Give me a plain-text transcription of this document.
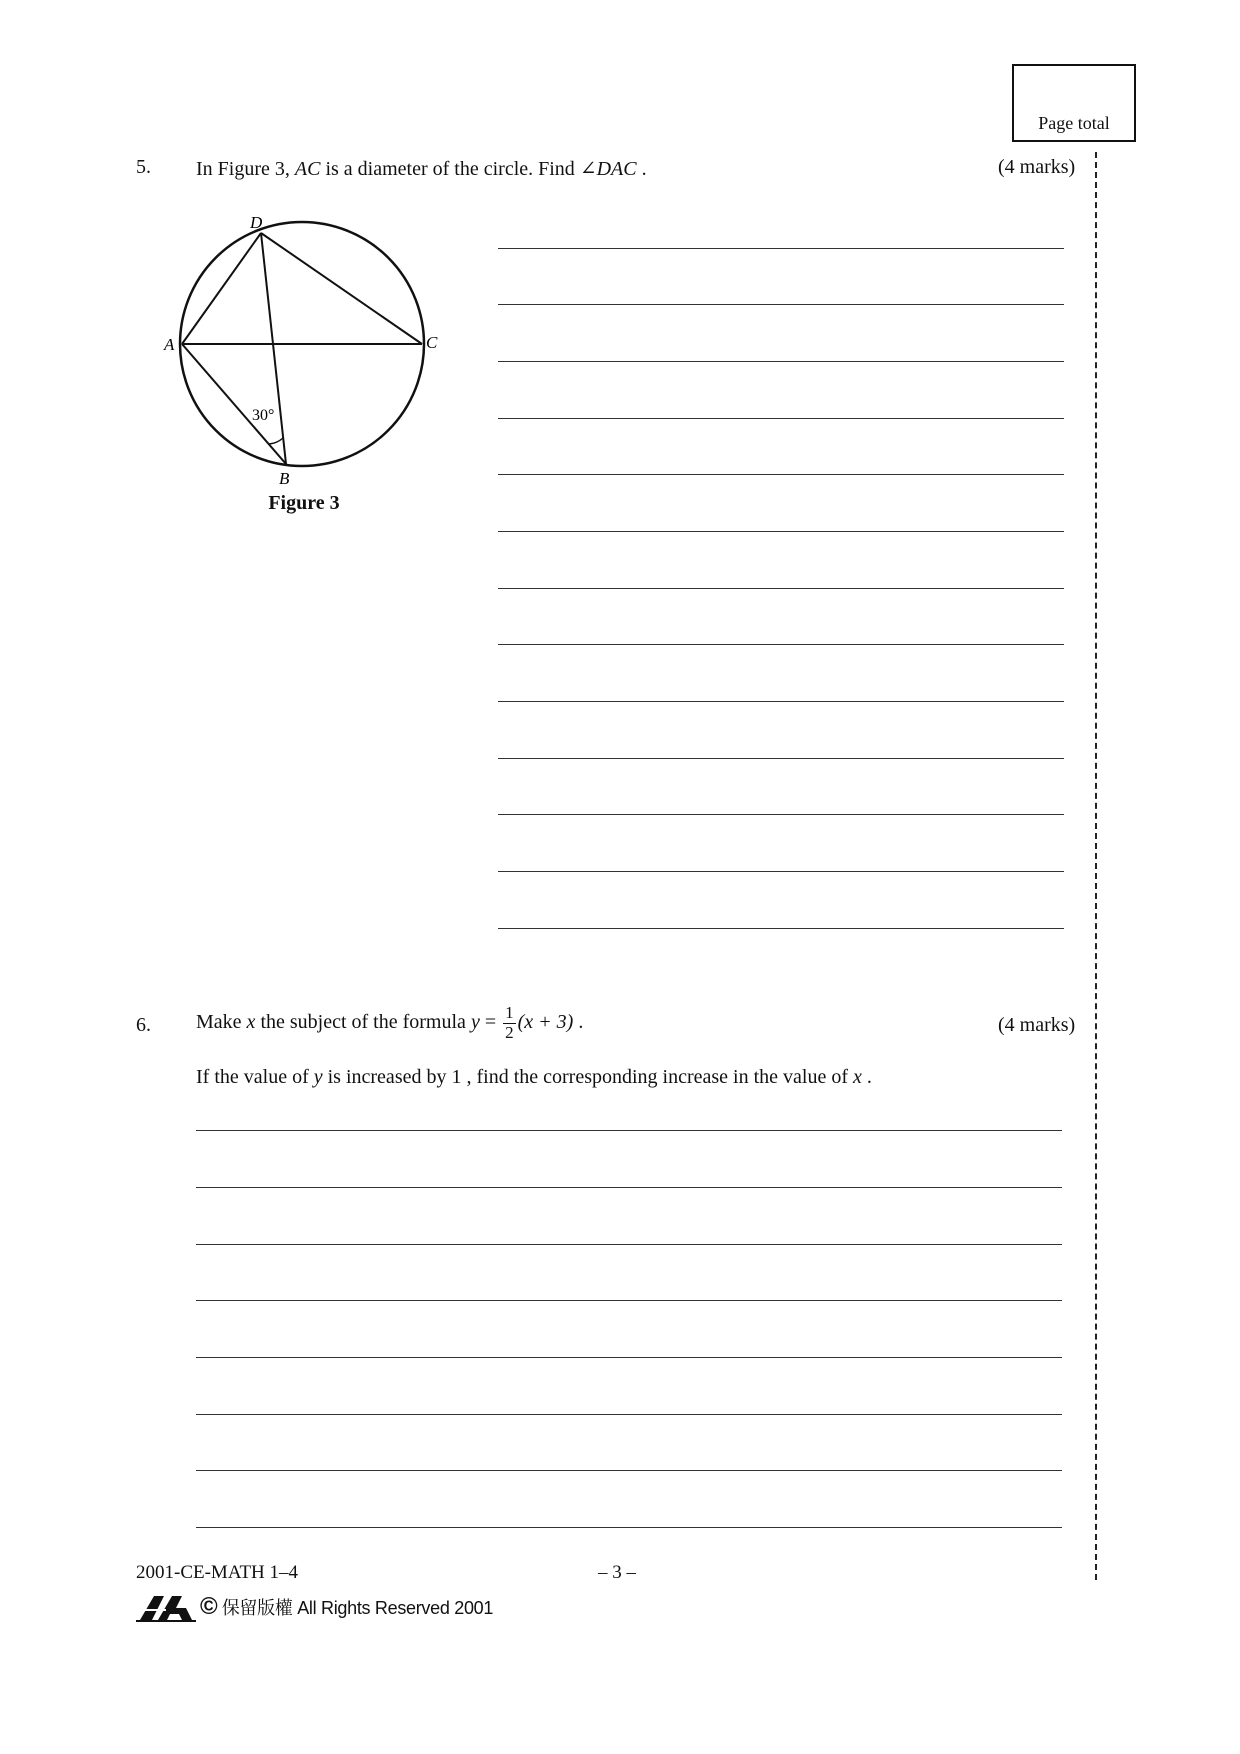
Page total
5. In Figure 3, AC is a diameter of the circle. Find ∠DAC .	(4 marks)
D
A	C
B
30°
Figure 3
6. Make x the subject of the formula $y = \frac{1}{2} (x + 3)$ .	(4 marks)
If the value of y is increased by 1 , find the corresponding increase in the value of x .
2001-CE-MATH 1–4	– 3 –
© 保留版權 All Rights Reserved 2001
